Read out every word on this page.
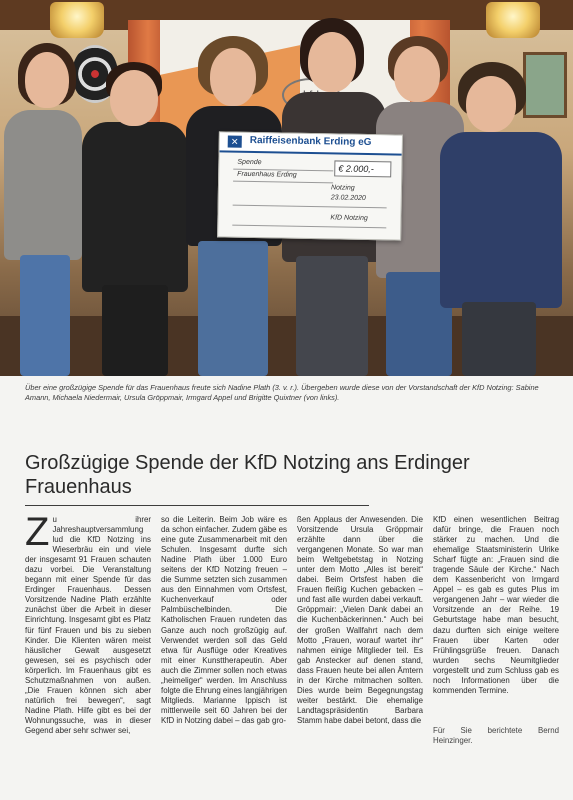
✕	Raiffeisenbank Erding eG
Spende
Frauenhaus Erding
€ 2.000,-
Notzing
23.02.2020
KfD Notzing
Über eine großzügige Spende für das Frauenhaus freute sich Nadine Plath (3. v. r.). Übergeben wurde diese von der Vorstandschaft der KfD Notzing: Sabine Amann, Michaela Niedermair, Ursula Gröppmair, Irmgard Appel und Brigitte Quixtner (von links).
Großzügige Spende der KfD Notzing ans Erdinger Frauenhaus
Z u ihrer Jahreshauptversammlung lud die KfD Notzing ins Wieserbräu ein und viele der insgesamt 91 Frauen schauten dazu vorbei. Die Veranstaltung begann mit einer Spende für das Erdinger Frauenhaus. Dessen Vorsitzende Nadine Plath erzählte zunächst über die Arbeit in dieser Einrichtung. Insgesamt gibt es Platz für fünf Frauen und bis zu sieben Kinder. Die Klienten wären meist häuslicher Gewalt ausgesetzt gewesen, sei es psychisch oder körperlich. Im Frauenhaus gibt es Schutzmaßnahmen von außen. „Die Frauen können sich aber natürlich frei bewegen“, sagt Nadine Plath. Hilfe gibt es bei der Wohnungssuche, was in dieser Gegend aber sehr schwer sei,

so die Leiterin. Beim Job wäre es da schon einfacher. Zudem gäbe es eine gute Zusammenarbeit mit den Schulen. Insgesamt durfte sich Nadine Plath über 1.000 Euro seitens der KfD Notzing freuen – die Summe setzten sich zusammen aus den Einnahmen vom Ortsfest, Kuchenverkauf oder Palmbüschelbinden. Die Katholischen Frauen rundeten das Ganze auch noch großzügig auf. Verwendet werden soll das Geld etwa für Ausflüge oder Kreatives mit einer Kunsttherapeutin. Aber auch die Zimmer sollen noch etwas „heimeliger“ werden. Im Anschluss folgte die Ehrung eines langjährigen Mitglieds. Marianne Ippisch ist mittlerweile seit 60 Jahren bei der KfD in Notzing dabei – das gab gro-

ßen Applaus der Anwesenden. Die Vorsitzende Ursula Gröppmair erzählte dann über die vergangenen Monate. So war man beim Weltgebetstag in Notzing unter dem Motto „Alles ist bereit“ dabei. Beim Ortsfest haben die Frauen fleißig Kuchen gebacken – und fast alle wurden dabei verkauft. Gröppmair: „Vielen Dank dabei an die Kuchenbäckerinnen.“ Auch bei der großen Wallfahrt nach dem Motto „Frauen, worauf wartet ihr“ nahmen einige Mitglieder teil. Es gab Anstecker auf denen stand, dass Frauen heute bei allen Ämtern in der Kirche mitmachen sollten. Dies wurde beim Begegnungstag weiter bestärkt. Die ehemalige Landtagspräsidentin Barbara Stamm habe dabei betont, dass die

KfD einen wesentlichen Beitrag dafür bringe, die Frauen noch stärker zu machen. Und die ehemalige Staatsministerin Ulrike Scharf fügte an: „Frauen sind die tragende Säule der Kirche.“ Nach dem Kassenbericht von Irmgard Appel – es gab es gutes Plus im vergangenen Jahr – war wieder die Vorsitzende an der Reihe. 19 Geburtstage habe man besucht, dazu durften sich einige weitere Frauen über Karten oder Frühlingsgrüße freuen. Danach wurden sechs Neumitglieder vorgestellt und zum Schluss gab es noch Informationen über die kommenden Termine.

Für Sie berichtete Bernd Heinzinger.
